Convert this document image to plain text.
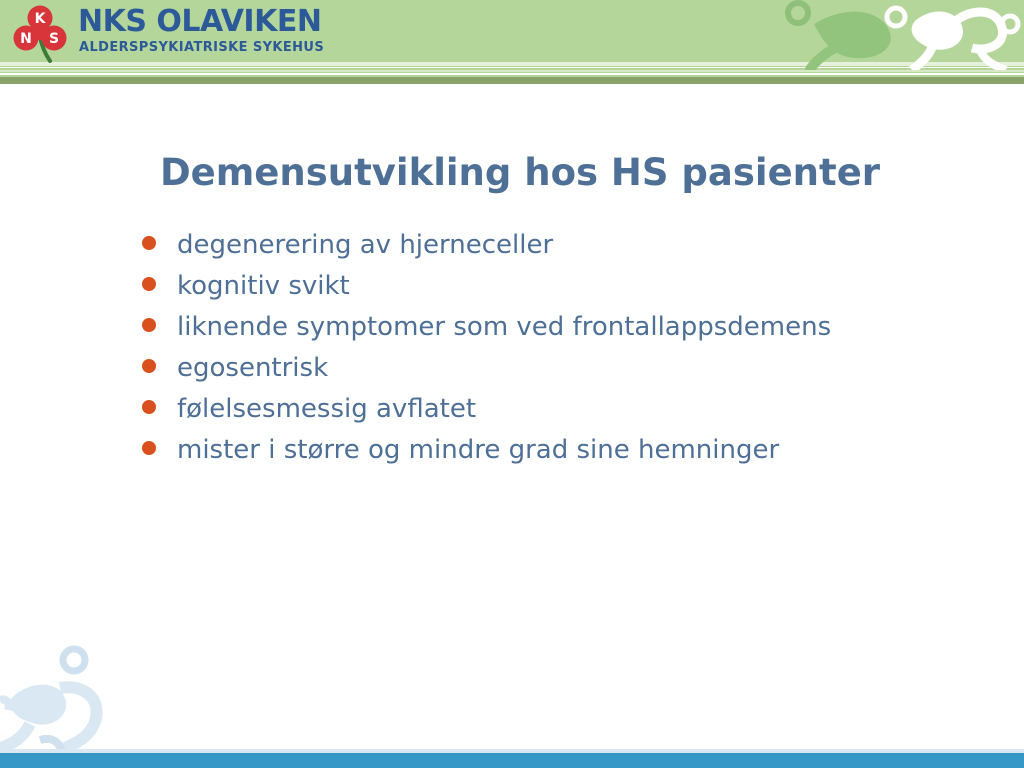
K
N S NKS OLAVIKEN
ALDERSPSYKIATRISKE SYKEHUS
Demensutvikling hos HS pasienter
degenerering av hjerneceller
kognitiv svikt
liknende symptomer som ved frontallappsdemens
egosentrisk
følelsesmessig avflatet
mister i større og mindre grad sine hemninger
